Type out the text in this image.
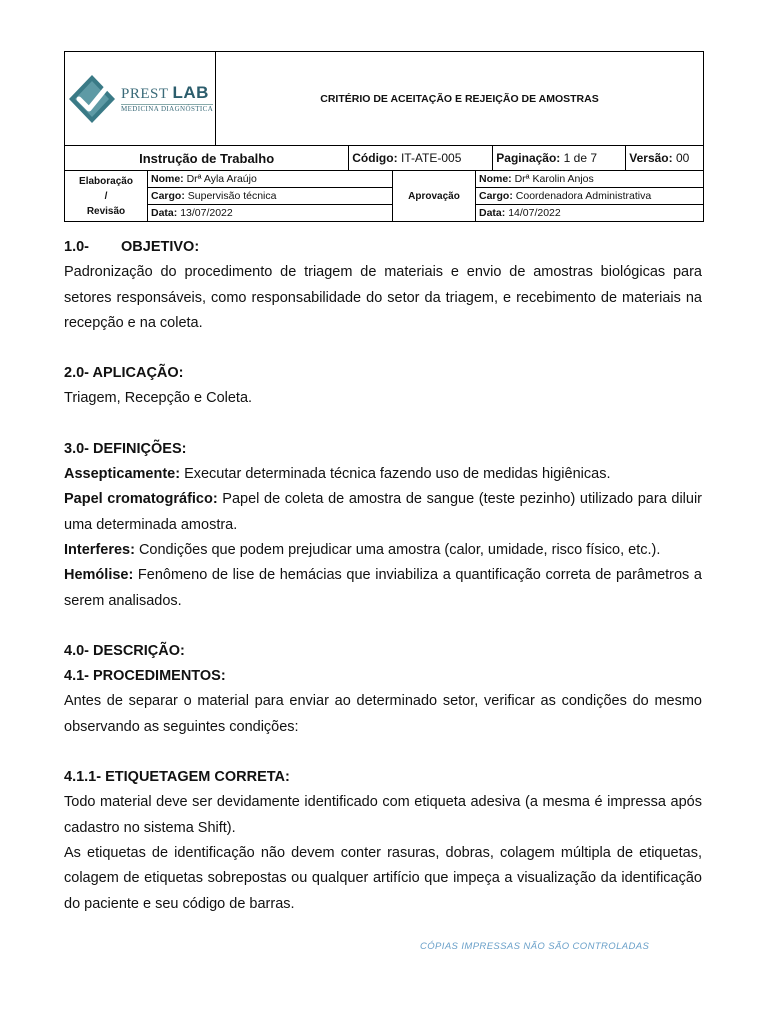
PREST LAB
MEDICINA DIAGNÓSTICA	CRITÉRIO DE ACEITAÇÃO E REJEIÇÃO DE AMOSTRAS			
Instrução de Trabalho		Código: IT-ATE-005	Paginação: 1 de 7	Versão: 00
Elaboração
/
Revisão	Nome: Drª Ayla Araújo	Aprovação	Nome: Drª Karolin Anjos
	Cargo: Supervisão técnica		Cargo: Coordenadora Administrativa
	Data: 13/07/2022		Data: 14/07/2022

1.0- OBJETIVO:

Padronização do procedimento de triagem de materiais e envio de amostras biológicas para setores responsáveis, como responsabilidade do setor da triagem, e recebimento de materiais na recepção e na coleta.

2.0- APLICAÇÃO:

Triagem, Recepção e Coleta.

3.0- DEFINIÇÕES:

Assepticamente: Executar determinada técnica fazendo uso de medidas higiênicas.

Papel cromatográfico: Papel de coleta de amostra de sangue (teste pezinho) utilizado para diluir uma determinada amostra.

Interferes: Condições que podem prejudicar uma amostra (calor, umidade, risco físico, etc.).

Hemólise: Fenômeno de lise de hemácias que inviabiliza a quantificação correta de parâmetros a serem analisados.

4.0- DESCRIÇÃO:

4.1- PROCEDIMENTOS:

Antes de separar o material para enviar ao determinado setor, verificar as condições do mesmo observando as seguintes condições:

4.1.1- ETIQUETAGEM CORRETA:

Todo material deve ser devidamente identificado com etiqueta adesiva (a mesma é impressa após cadastro no sistema Shift).

As etiquetas de identificação não devem conter rasuras, dobras, colagem múltipla de etiquetas, colagem de etiquetas sobrepostas ou qualquer artifício que impeça a visualização da identificação do paciente e seu código de barras.

CÓPIAS IMPRESSAS NÃO SÃO CONTROLADAS
